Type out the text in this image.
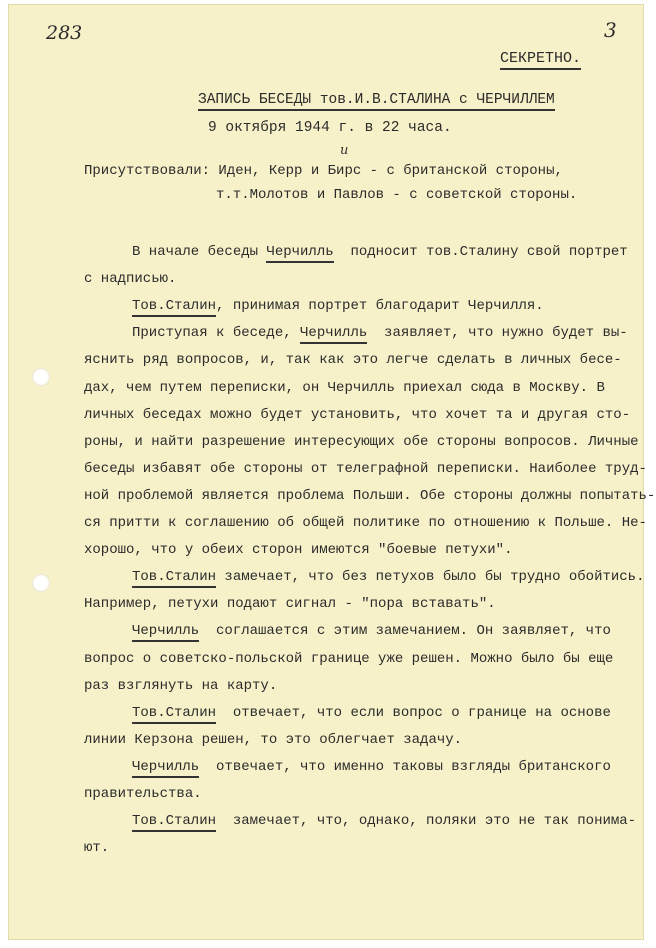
283	3
СЕКРЕТНО.
ЗАПИСЬ БЕСЕДЫ тов.И.В.СТАЛИНА с ЧЕРЧИЛЛЕМ
9 октября 1944 г. в 22 часа.
и
Присутствовали: Иден, Керр и Бирс - с британской стороны,
т.т.Молотов и Павлов - с советской стороны.
В начале беседы Черчилль  подносит тов.Сталину свой портрет
с надписью.
Тов.Сталин, принимая портрет благодарит Черчилля.
Приступая к беседе, Черчилль  заявляет, что нужно будет вы-
яснить ряд вопросов, и, так как это легче сделать в личных бесе-
дах, чем путем переписки, он Черчилль приехал сюда в Москву. В
личных беседах можно будет установить, что хочет та и другая сто-
роны, и найти разрешение интересующих обе стороны вопросов. Личные
беседы избавят обе стороны от телеграфной переписки. Наиболее труд-
ной проблемой является проблема Польши. Обе стороны должны попытать-
ся притти к соглашению об общей политике по отношению к Польше. Не-
хорошо, что у обеих сторон имеются "боевые петухи".
Тов.Сталин замечает, что без петухов было бы трудно обойтись.
Например, петухи подают сигнал - "пора вставать".
Черчилль  соглашается с этим замечанием. Он заявляет, что
вопрос о советско-польской границе уже решен. Можно было бы еще
раз взглянуть на карту.
Тов.Сталин  отвечает, что если вопрос о границе на основе
линии Керзона решен, то это облегчает задачу.
Черчилль  отвечает, что именно таковы взгляды британского
правительства.
Тов.Сталин  замечает, что, однако, поляки это не так понима-
ют.
